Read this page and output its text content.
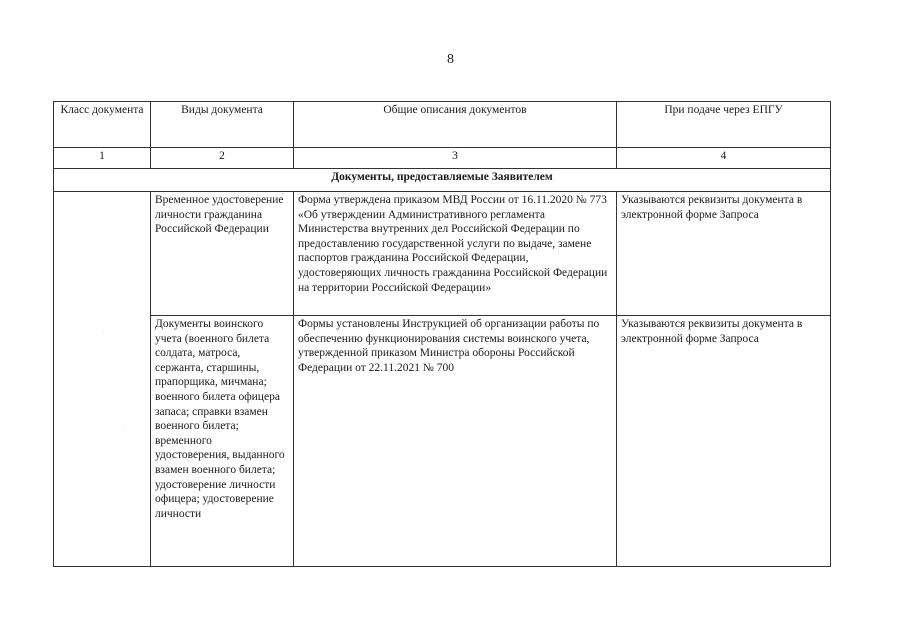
8
·
·
Класс документа	Виды документа	Общие описания документов	При подаче через ЕПГУ
1	2	3	4
Документы, предоставляемые Заявителем			
	Временное удостоверение личности гражданина Российской Федерации	Форма утверждена приказом МВД России от 16.11.2020 № 773 «Об утверждении Административного регламента Министерства внутренних дел Российской Федерации по предоставлению государственной услуги по выдаче, замене паспортов гражданина Российской Федерации, удостоверяющих личность гражданина Российской Федерации на территории Российской Федерации»	Указываются реквизиты документа в электронной форме Запроса
	Документы воинского учета (военного билета солдата, матроса, сержанта, старшины, прапорщика, мичмана; военного билета офицера запаса; справки взамен военного билета; временного удостоверения, выданного взамен военного билета; удостоверение личности офицера; удостоверение личности	Формы установлены Инструкцией об организации работы по обеспечению функционирования системы воинского учета, утвержденной приказом Министра обороны Российской Федерации от 22.11.2021 № 700	Указываются реквизиты документа в электронной форме Запроса
